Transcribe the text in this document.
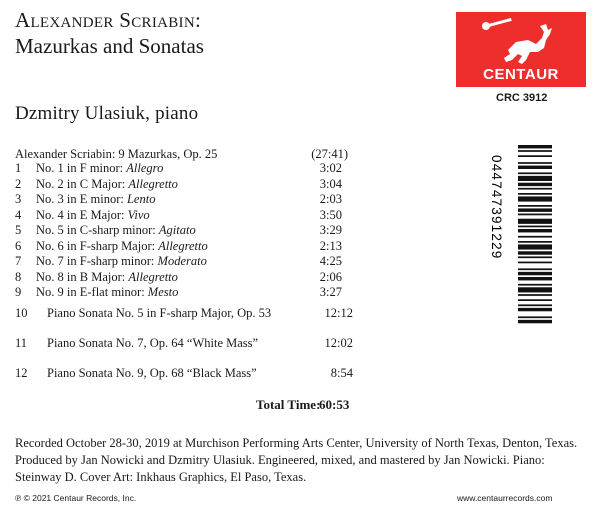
Alexander Scriabin:
Mazurkas and Sonatas
Dzmitry Ulasiuk, piano
CENTAUR
CRC 3912
Alexander Scriabin: 9 Mazurkas, Op. 25	(27:41)
1 No. 1 in F minor: Allegro	3:02
2 No. 2 in C Major: Allegretto	3:04
3 No. 3 in E minor: Lento	2:03
4 No. 4 in E Major: Vivo	3:50
5 No. 5 in C-sharp minor: Agitato	3:29
6 No. 6 in F-sharp Major: Allegretto	2:13
7 No. 7 in F-sharp minor: Moderato	4:25
8 No. 8 in B Major: Allegretto	2:06
9 No. 9 in E-flat minor: Mesto	3:27
10 Piano Sonata No. 5 in F-sharp Major, Op. 53	12:12
11 Piano Sonata No. 7, Op. 64 “White Mass”	12:02
12 Piano Sonata No. 9, Op. 68 “Black Mass”	8:54
Total Time:
60:53
Recorded October 28-30, 2019 at Murchison Performing Arts Center, University of North Texas, Denton, Texas. Produced by Jan Nowicki and Dzmitry Ulasiuk. Engineered, mixed, and mastered by Jan Nowicki. Piano: Steinway D. Cover Art: Inkhaus Graphics, El Paso, Texas.
℗ © 2021 Centaur Records, Inc.	www.centaurrecords.com
044747391229
